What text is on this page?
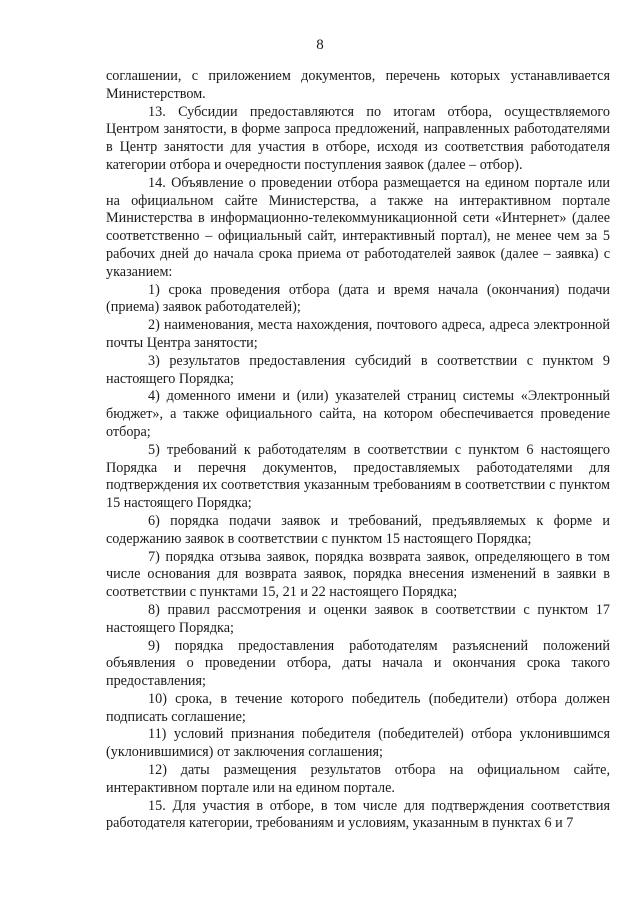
8

соглашении, с приложением документов, перечень которых устанавливается Министерством.

13. Субсидии предоставляются по итогам отбора, осуществляемого Центром занятости, в форме запроса предложений, направленных работодателями в Центр занятости для участия в отборе, исходя из соответствия работодателя категории отбора и очередности поступления заявок (далее – отбор).

14. Объявление о проведении отбора размещается на едином портале или на официальном сайте Министерства, а также на интерактивном портале Министерства в информационно-телекоммуникационной сети «Интернет» (далее соответственно – официальный сайт, интерактивный портал), не менее чем за 5 рабочих дней до начала срока приема от работодателей заявок (далее – заявка) с указанием:

1) срока проведения отбора (дата и время начала (окончания) подачи (приема) заявок работодателей);

2) наименования, места нахождения, почтового адреса, адреса электронной почты Центра занятости;

3) результатов предоставления субсидий в соответствии с пунктом 9 настоящего Порядка;

4) доменного имени и (или) указателей страниц системы «Электронный бюджет», а также официального сайта, на котором обеспечивается проведение отбора;

5) требований к работодателям в соответствии с пунктом 6 настоящего Порядка и перечня документов, предоставляемых работодателями для подтверждения их соответствия указанным требованиям в соответствии с пунктом 15 настоящего Порядка;

6) порядка подачи заявок и требований, предъявляемых к форме и содержанию заявок в соответствии с пунктом 15 настоящего Порядка;

7) порядка отзыва заявок, порядка возврата заявок, определяющего в том числе основания для возврата заявок, порядка внесения изменений в заявки в соответствии с пунктами 15, 21 и 22 настоящего Порядка;

8) правил рассмотрения и оценки заявок в соответствии с пунктом 17 настоящего Порядка;

9) порядка предоставления работодателям разъяснений положений объявления о проведении отбора, даты начала и окончания срока такого предоставления;

10) срока, в течение которого победитель (победители) отбора должен подписать соглашение;

11) условий признания победителя (победителей) отбора уклонившимся (уклонившимися) от заключения соглашения;

12) даты размещения результатов отбора на официальном сайте, интерактивном портале или на едином портале.

15. Для участия в отборе, в том числе для подтверждения соответствия работодателя категории, требованиям и условиям, указанным в пунктах 6 и 7
